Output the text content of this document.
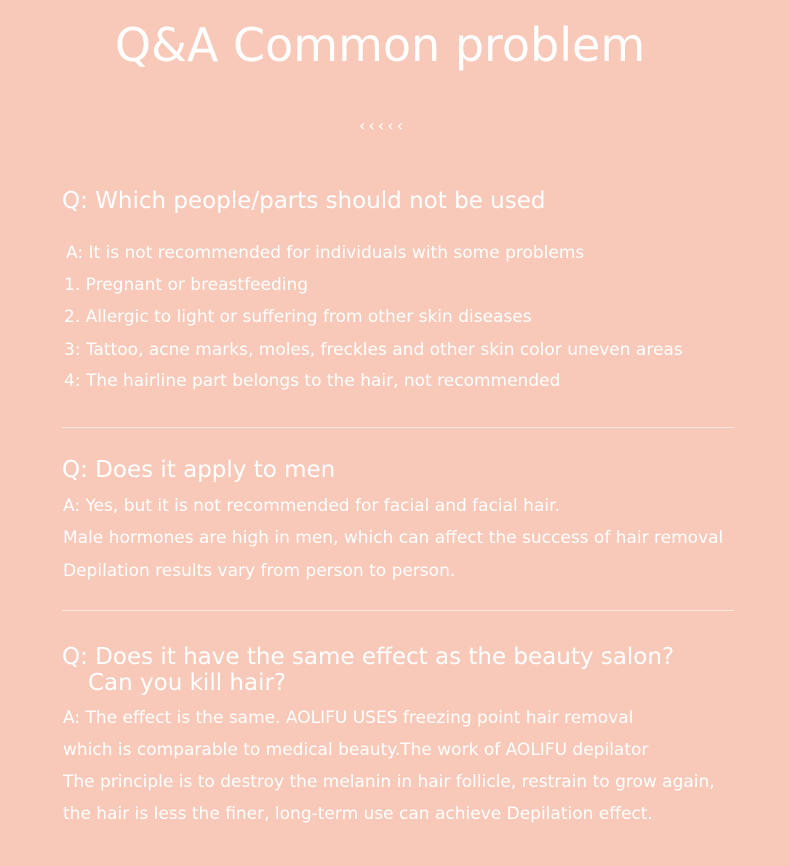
Q&A Common problem
‹‹‹‹‹
Q: Which people/parts should not be used
A: It is not recommended for individuals with some problems
1. Pregnant or breastfeeding
2. Allergic to light or suffering from other skin diseases
3: Tattoo, acne marks, moles, freckles and other skin color uneven areas
4: The hairline part belongs to the hair, not recommended
Q: Does it apply to men
A: Yes, but it is not recommended for facial and facial hair.
Male hormones are high in men, which can affect the success of hair removal
Depilation results vary from person to person.
Q: Does it have the same effect as the beauty salon?
Can you kill hair?
A: The effect is the same. AOLIFU USES freezing point hair removal
which is comparable to medical beauty.The work of AOLIFU depilator
The principle is to destroy the melanin in hair follicle, restrain to grow again,
the hair is less the finer, long-term use can achieve Depilation effect.
